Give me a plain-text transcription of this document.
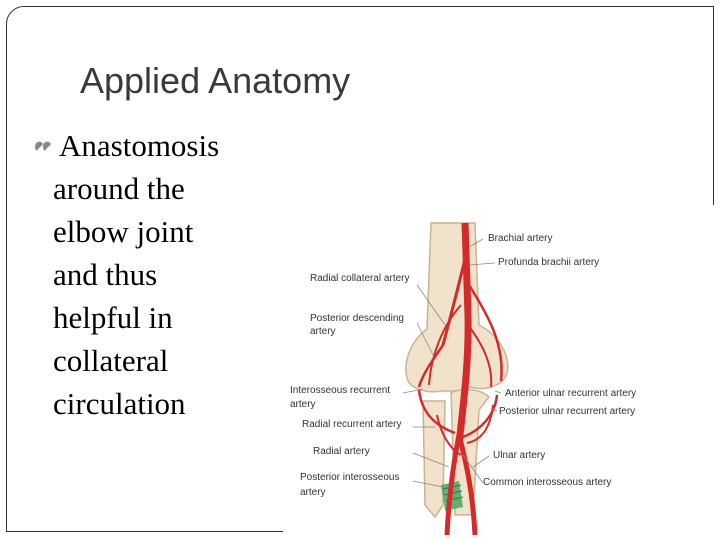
Applied Anatomy
Anastomosis
around the
elbow joint
and thus
helpful in
collateral
circulation
Brachial artery
Profunda brachii artery
Radial collateral artery
Posterior descending
artery
Interosseous recurrent
artery
Anterior ulnar recurrent artery
Posterior ulnar recurrent artery
Radial recurrent artery
Radial artery	Ulnar artery
Posterior interosseous
artery
Common interosseous artery
